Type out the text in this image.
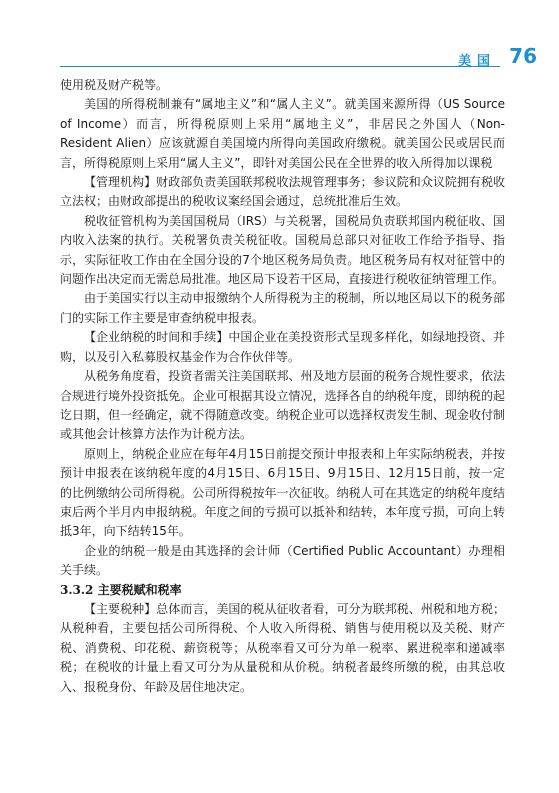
美国 76

使用税及财产税等。

美国的所得税制兼有“属地主义”和“属人主义”。就美国来源所得（US Source of Income）而言，所得税原则上采用“属地主义”，非居民之外国人（Non-Resident Alien）应该就源自美国境内所得向美国政府缴税。就美国公民或居民而言，所得税原则上采用“属人主义”，即针对美国公民在全世界的收入所得加以课税

【管理机构】财政部负责美国联邦税收法规管理事务；参议院和众议院拥有税收立法权；由财政部提出的税收议案经国会通过，总统批准后生效。

税收征管机构为美国国税局（IRS）与关税署，国税局负责联邦国内税征收、国内收入法案的执行。关税署负责关税征收。国税局总部只对征收工作给予指导、指示，实际征收工作由在全国分设的7个地区税务局负责。地区税务局有权对征管中的问题作出决定而无需总局批准。地区局下设若干区局，直接进行税收征纳管理工作。

由于美国实行以主动申报缴纳个人所得税为主的税制，所以地区局以下的税务部门的实际工作主要是审查纳税申报表。

【企业纳税的时间和手续】中国企业在美投资形式呈现多样化，如绿地投资、并购，以及引入私募股权基金作为合作伙伴等。

从税务角度看，投资者需关注美国联邦、州及地方层面的税务合规性要求，依法合规进行境外投资抵免。企业可根据其设立情况，选择各自的纳税年度，即纳税的起讫日期，但一经确定，就不得随意改变。纳税企业可以选择权责发生制、现金收付制或其他会计核算方法作为计税方法。

原则上，纳税企业应在每年4月15日前提交预计申报表和上年实际纳税表，并按预计申报表在该纳税年度的4月15日、6月15日、9月15日、12月15日前，按一定的比例缴纳公司所得税。公司所得税按年一次征收。纳税人可在其选定的纳税年度结束后两个半月内申报纳税。年度之间的亏损可以抵补和结转，本年度亏损，可向上转抵3年，向下结转15年。

企业的纳税一般是由其选择的会计师（Certified Public Accountant）办理相关手续。

3.3.2 主要税赋和税率

【主要税种】总体而言，美国的税从征收者看，可分为联邦税、州税和地方税；从税种看，主要包括公司所得税、个人收入所得税、销售与使用税以及关税、财产税、消费税、印花税、薪资税等；从税率看又可分为单一税率、累进税率和递减率税；在税收的计量上看又可分为从量税和从价税。纳税者最终所缴的税，由其总收入、报税身份、年龄及居住地决定。
